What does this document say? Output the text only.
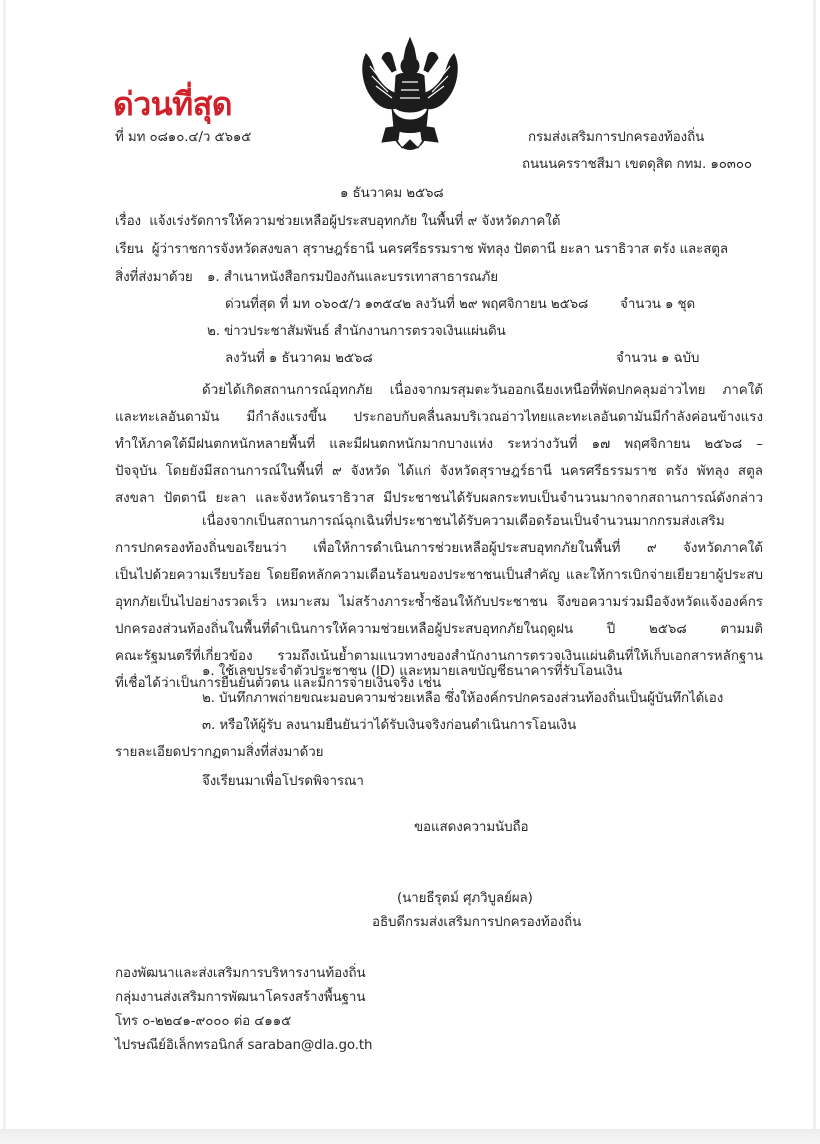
ด่วนที่สุด
ที่ มท ๐๘๑๐.๔/ว ๕๖๑๕	กรมส่งเสริมการปกครองท้องถิ่น
ถนนนครราชสีมา เขตดุสิต กทม. ๑๐๓๐๐
๑ ธันวาคม ๒๕๖๘
เรื่อง แจ้งเร่งรัดการให้ความช่วยเหลือผู้ประสบอุทกภัย ในพื้นที่ ๙ จังหวัดภาคใต้
เรียน ผู้ว่าราชการจังหวัดสงขลา สุราษฎร์ธานี นครศรีธรรมราช พัทลุง ปัตตานี ยะลา นราธิวาส ตรัง และสตูล
สิ่งที่ส่งมาด้วย ๑. สำเนาหนังสือกรมป้องกันและบรรเทาสาธารณภัย
ด่วนที่สุด ที่ มท ๐๖๐๕/ว ๑๓๕๔๒ ลงวันที่ ๒๙ พฤศจิกายน ๒๕๖๘ จำนวน ๑ ชุด
๒. ข่าวประชาสัมพันธ์ สำนักงานการตรวจเงินแผ่นดิน
ลงวันที่ ๑ ธันวาคม ๒๕๖๘	จำนวน ๑ ฉบับ
ด้วยได้เกิดสถานการณ์อุทกภัย เนื่องจากมรสุมตะวันออกเฉียงเหนือที่พัดปกคลุมอ่าวไทย ภาคใต้
และทะเลอันดามัน มีกำลังแรงขึ้น ประกอบกับคลื่นลมบริเวณอ่าวไทยและทะเลอันดามันมีกำลังค่อนข้างแรง
ทำให้ภาคใต้มีฝนตกหนักหลายพื้นที่ และมีฝนตกหนักมากบางแห่ง ระหว่างวันที่ ๑๗ พฤศจิกายน ๒๕๖๘ –
ปัจจุบัน โดยยังมีสถานการณ์ในพื้นที่ ๙ จังหวัด ได้แก่ จังหวัดสุราษฎร์ธานี นครศรีธรรมราช ตรัง พัทลุง สตูล
สงขลา ปัตตานี ยะลา และจังหวัดนราธิวาส มีประชาชนได้รับผลกระทบเป็นจำนวนมากจากสถานการณ์ดังกล่าว
เนื่องจากเป็นสถานการณ์ฉุกเฉินที่ประชาชนได้รับความเดือดร้อนเป็นจำนวนมากกรมส่งเสริม
การปกครองท้องถิ่นขอเรียนว่า เพื่อให้การดำเนินการช่วยเหลือผู้ประสบอุทกภัยในพื้นที่ ๙ จังหวัดภาคใต้
เป็นไปด้วยความเรียบร้อย โดยยึดหลักความเดือนร้อนของประชาชนเป็นสำคัญ และให้การเบิกจ่ายเยียวยาผู้ประสบ
อุทกภัยเป็นไปอย่างรวดเร็ว เหมาะสม ไม่สร้างภาระซ้ำซ้อนให้กับประชาชน จึงขอความร่วมมือจังหวัดแจ้งองค์กร
ปกครองส่วนท้องถิ่นในพื้นที่ดำเนินการให้ความช่วยเหลือผู้ประสบอุทกภัยในฤดูฝน ปี ๒๕๖๘ ตามมติ
คณะรัฐมนตรีที่เกี่ยวข้อง รวมถึงเน้นย้ำตามแนวทางของสำนักงานการตรวจเงินแผ่นดินที่ให้เก็บเอกสารหลักฐาน
ที่เชื่อได้ว่าเป็นการยืนยันตัวตน และมีการจ่ายเงินจริง เช่น
๑. ใช้เลขประจำตัวประชาชน (ID) และหมายเลขบัญชีธนาคารที่รับโอนเงิน
๒. บันทึกภาพถ่ายขณะมอบความช่วยเหลือ ซึ่งให้องค์กรปกครองส่วนท้องถิ่นเป็นผู้บันทึกได้เอง
๓. หรือให้ผู้รับ ลงนามยืนยันว่าได้รับเงินจริงก่อนดำเนินการโอนเงิน
รายละเอียดปรากฏตามสิ่งที่ส่งมาด้วย
จึงเรียนมาเพื่อโปรดพิจารณา
ขอแสดงความนับถือ
(นายธีรุตม์ ศุภวิบูลย์ผล)
อธิบดีกรมส่งเสริมการปกครองท้องถิ่น
กองพัฒนาและส่งเสริมการบริหารงานท้องถิ่น
กลุ่มงานส่งเสริมการพัฒนาโครงสร้างพื้นฐาน
โทร ๐-๒๒๔๑-๙๐๐๐ ต่อ ๔๑๑๕
ไปรษณีย์อิเล็กทรอนิกส์ saraban@dla.go.th
